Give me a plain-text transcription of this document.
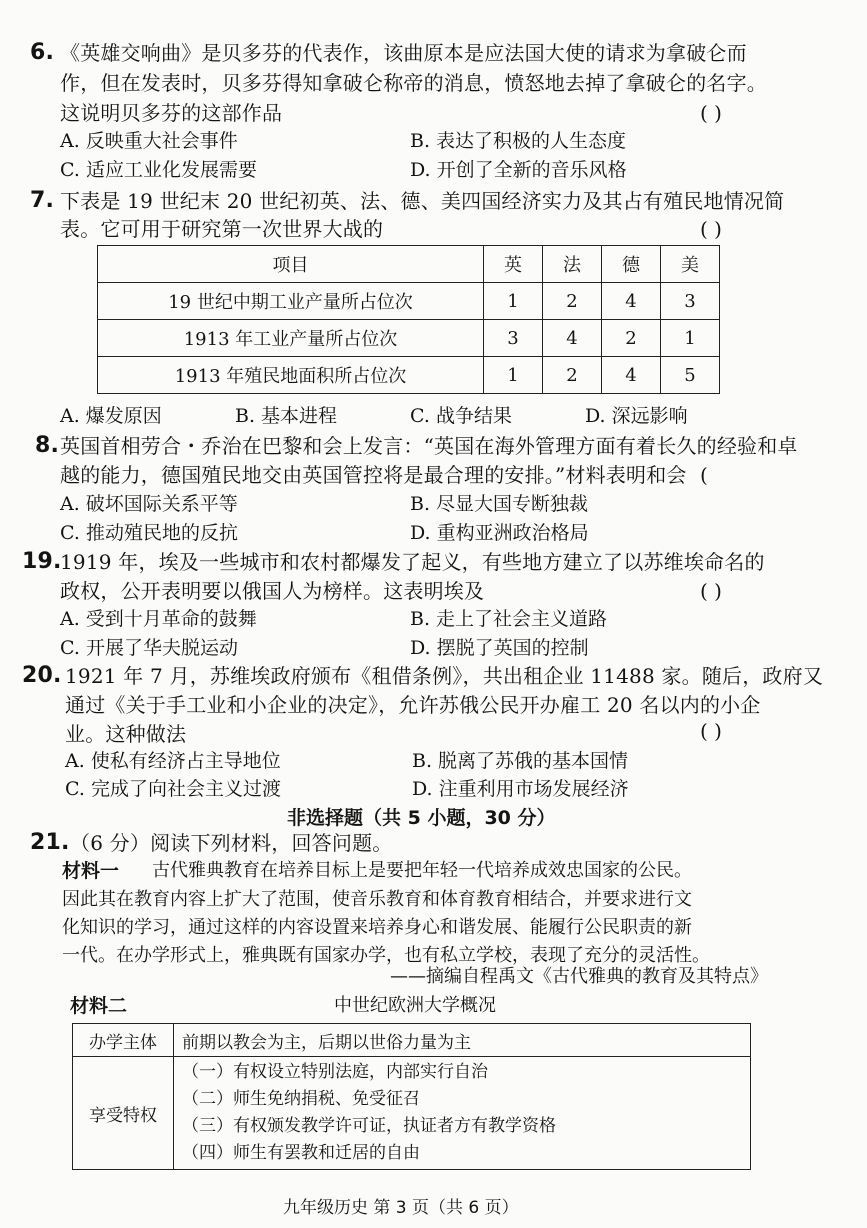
6. 《英雄交响曲》是贝多芬的代表作，该曲原本是应法国大使的请求为拿破仑而
作，但在发表时，贝多芬得知拿破仑称帝的消息，愤怒地去掉了拿破仑的名字。
这说明贝多芬的这部作品	( )
A. 反映重大社会事件	B. 表达了积极的人生态度
C. 适应工业化发展需要	D. 开创了全新的音乐风格
7. 下表是 19 世纪末 20 世纪初英、法、德、美四国经济实力及其占有殖民地情况简
表。它可用于研究第一次世界大战的	( )
项目	英	法	德	美
19 世纪中期工业产量所占位次	1	2	4	3
1913 年工业产量所占位次	3	4	2	1
1913 年殖民地面积所占位次	1	2	4	5
A. 爆发原因	B. 基本进程	C. 战争结果	D. 深远影响
8. 英国首相劳合・乔治在巴黎和会上发言：“英国在海外管理方面有着长久的经验和卓
越的能力，德国殖民地交由英国管控将是最合理的安排。”材料表明和会 (
A. 破坏国际关系平等	B. 尽显大国专断独裁
C. 推动殖民地的反抗	D. 重构亚洲政治格局
19.
1919 年，埃及一些城市和农村都爆发了起义，有些地方建立了以苏维埃命名的
政权，公开表明要以俄国人为榜样。这表明埃及	( )
A. 受到十月革命的鼓舞	B. 走上了社会主义道路
C. 开展了华夫脱运动	D. 摆脱了英国的控制
20. 1921 年 7 月，苏维埃政府颁布《租借条例》，共出租企业 11488 家。随后，政府又
通过《关于手工业和小企业的决定》，允许苏俄公民开办雇工 20 名以内的小企
业。这种做法	( )
A. 使私有经济占主导地位	B. 脱离了苏俄的基本国情
C. 完成了向社会主义过渡	D. 注重利用市场发展经济
非选择题（共 5 小题，30 分）
21. （6 分）阅读下列材料，回答问题。
材料一 古代雅典教育在培养目标上是要把年轻一代培养成效忠国家的公民。
因此其在教育内容上扩大了范围，使音乐教育和体育教育相结合，并要求进行文
化知识的学习，通过这样的内容设置来培养身心和谐发展、能履行公民职责的新
一代。在办学形式上，雅典既有国家办学，也有私立学校，表现了充分的灵活性。
——摘编自程禹文《古代雅典的教育及其特点》
材料二	中世纪欧洲大学概况
办学主体	前期以教会为主，后期以世俗力量为主
享受特权	（一）有权设立特别法庭，内部实行自治
（二）师生免纳捐税、免受征召
（三）有权颁发教学许可证，执证者方有教学资格
（四）师生有罢教和迁居的自由
九年级历史 第 3 页（共 6 页）
